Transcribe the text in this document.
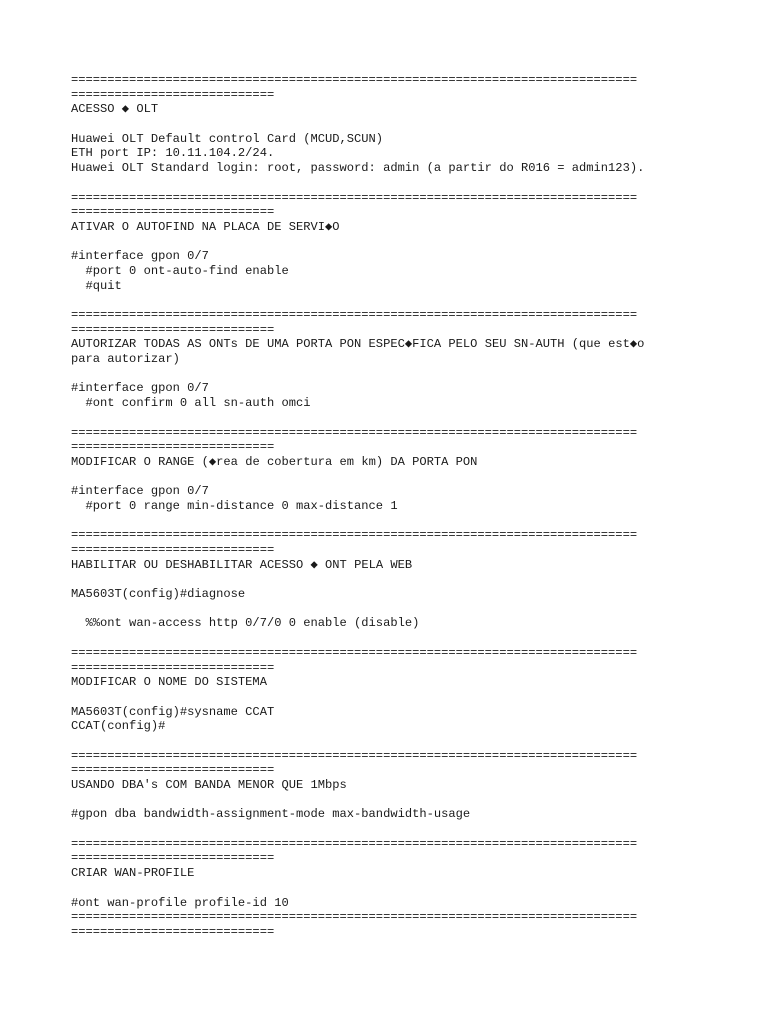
==============================================================================
============================
ACESSO ◆ OLT
Huawei OLT Default control Card (MCUD,SCUN)
ETH port IP: 10.11.104.2/24.
Huawei OLT Standard login: root, password: admin (a partir do R016 = admin123).
==============================================================================
============================
ATIVAR O AUTOFIND NA PLACA DE SERVI◆O
#interface gpon 0/7
#port 0 ont-auto-find enable
#quit
==============================================================================
============================
AUTORIZAR TODAS AS ONTs DE UMA PORTA PON ESPEC◆FICA PELO SEU SN-AUTH (que est◆o
para autorizar)
#interface gpon 0/7
#ont confirm 0 all sn-auth omci
==============================================================================
============================
MODIFICAR O RANGE (◆rea de cobertura em km) DA PORTA PON
#interface gpon 0/7
#port 0 range min-distance 0 max-distance 1
==============================================================================
============================
HABILITAR OU DESHABILITAR ACESSO ◆ ONT PELA WEB
MA5603T(config)#diagnose
%%ont wan-access http 0/7/0 0 enable (disable)
==============================================================================
============================
MODIFICAR O NOME DO SISTEMA
MA5603T(config)#sysname CCAT
CCAT(config)#
==============================================================================
============================
USANDO DBA's COM BANDA MENOR QUE 1Mbps
#gpon dba bandwidth-assignment-mode max-bandwidth-usage
==============================================================================
============================
CRIAR WAN-PROFILE
#ont wan-profile profile-id 10
==============================================================================
============================
